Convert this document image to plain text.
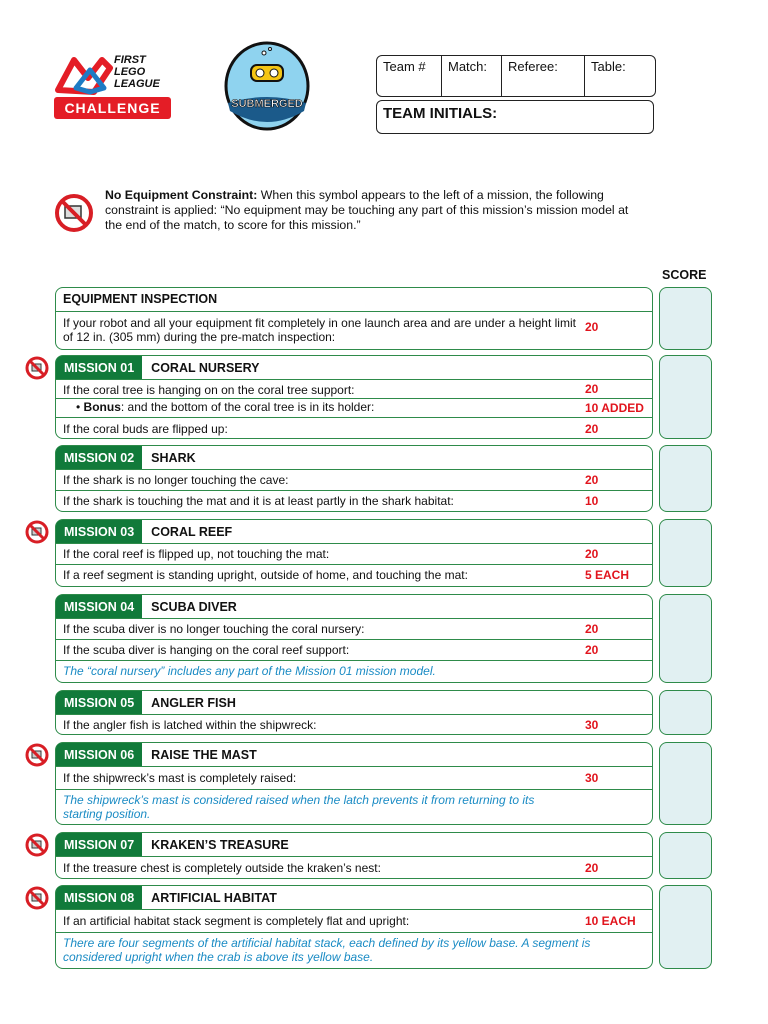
FIRST
LEGO
LEAGUE
CHALLENGE	SUBMERGED
Team #	Match:	Referee:	Table:
TEAM INITIALS:
No Equipment Constraint: When this symbol appears to the left of a mission, the following constraint is applied: “No equipment may be touching any part of this mission’s mission model at the end of the match, to score for this mission.”
SCORE
EQUIPMENT INSPECTION
If your robot and all your equipment fit completely in one launch area and are under a height limit of 12 in. (305 mm) during the pre-match inspection:
20
MISSION 01	CORAL NURSERY
If the coral tree is hanging on on the coral tree support:	20
• Bonus: and the bottom of the coral tree is in its holder:	10 ADDED
If the coral buds are flipped up:	20
MISSION 02	SHARK
If the shark is no longer touching the cave:	20
If the shark is touching the mat and it is at least partly in the shark habitat:	10
MISSION 03	CORAL REEF
If the coral reef is flipped up, not touching the mat:	20
If a reef segment is standing upright, outside of home, and touching the mat:	5 EACH
MISSION 04	SCUBA DIVER
If the scuba diver is no longer touching the coral nursery:	20
If the scuba diver is hanging on the coral reef support:	20
The “coral nursery” includes any part of the Mission 01 mission model.
MISSION 05	ANGLER FISH
If the angler fish is latched within the shipwreck:	30
MISSION 06	RAISE THE MAST
If the shipwreck’s mast is completely raised:	30
The shipwreck’s mast is considered raised when the latch prevents it from returning to its starting position.
MISSION 07	KRAKEN’S TREASURE
If the treasure chest is completely outside the kraken’s nest:	20
MISSION 08	ARTIFICIAL HABITAT
If an artificial habitat stack segment is completely flat and upright:	10 EACH
There are four segments of the artificial habitat stack, each defined by its yellow base. A segment is considered upright when the crab is above its yellow base.
